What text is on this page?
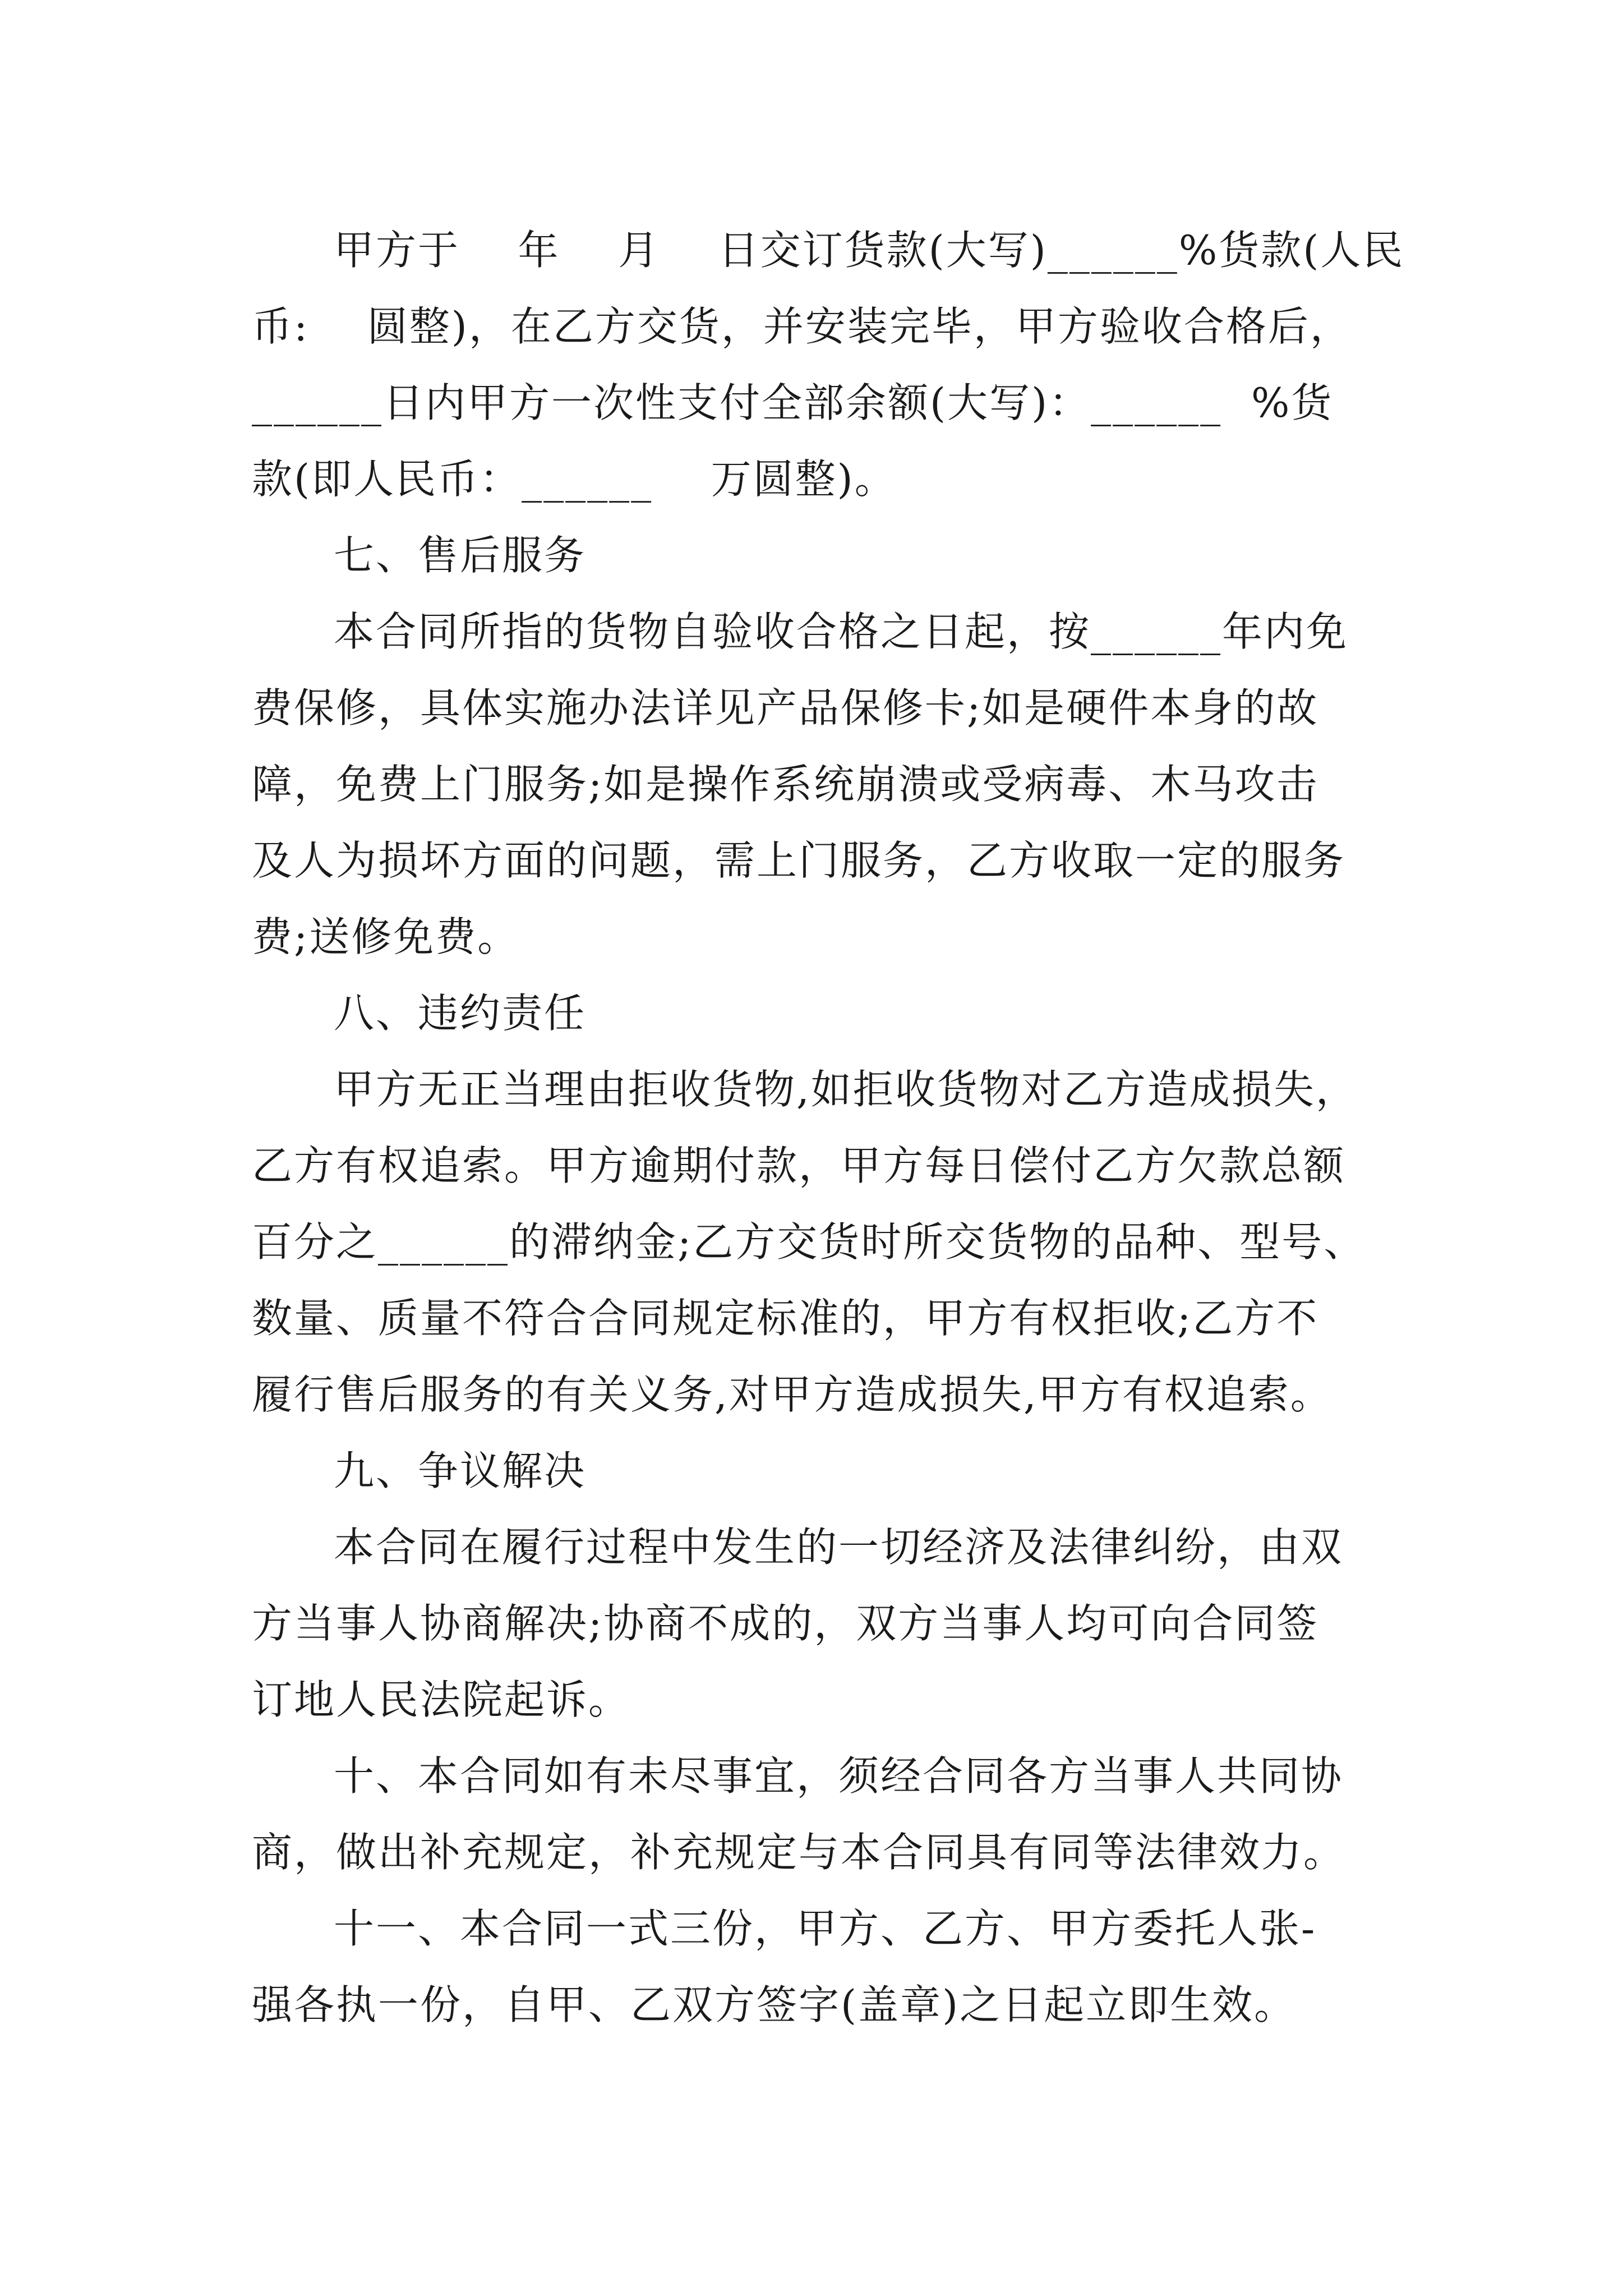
甲方于    年    月    日交订货款(大写)______%货款(人民
币:    圆整)，在乙方交货，并安装完毕，甲方验收合格后，
______日内甲方一次性支付全部余额(大写)：______  %货
款(即人民币：______    万圆整)。
七、售后服务
本合同所指的货物自验收合格之日起，按______年内免
费保修，具体实施办法详见产品保修卡;如是硬件本身的故
障，免费上门服务;如是操作系统崩溃或受病毒、木马攻击
及人为损坏方面的问题，需上门服务，乙方收取一定的服务
费;送修免费。
八、违约责任
甲方无正当理由拒收货物,如拒收货物对乙方造成损失，
乙方有权追索。甲方逾期付款，甲方每日偿付乙方欠款总额
百分之______的滞纳金;乙方交货时所交货物的品种、型号、
数量、质量不符合合同规定标准的，甲方有权拒收;乙方不
履行售后服务的有关义务,对甲方造成损失,甲方有权追索。
九、争议解决
本合同在履行过程中发生的一切经济及法律纠纷，由双
方当事人协商解决;协商不成的，双方当事人均可向合同签
订地人民法院起诉。
十、本合同如有未尽事宜，须经合同各方当事人共同协
商，做出补充规定，补充规定与本合同具有同等法律效力。
十一、本合同一式三份，甲方、乙方、甲方委托人张-
强各执一份，自甲、乙双方签字(盖章)之日起立即生效。
